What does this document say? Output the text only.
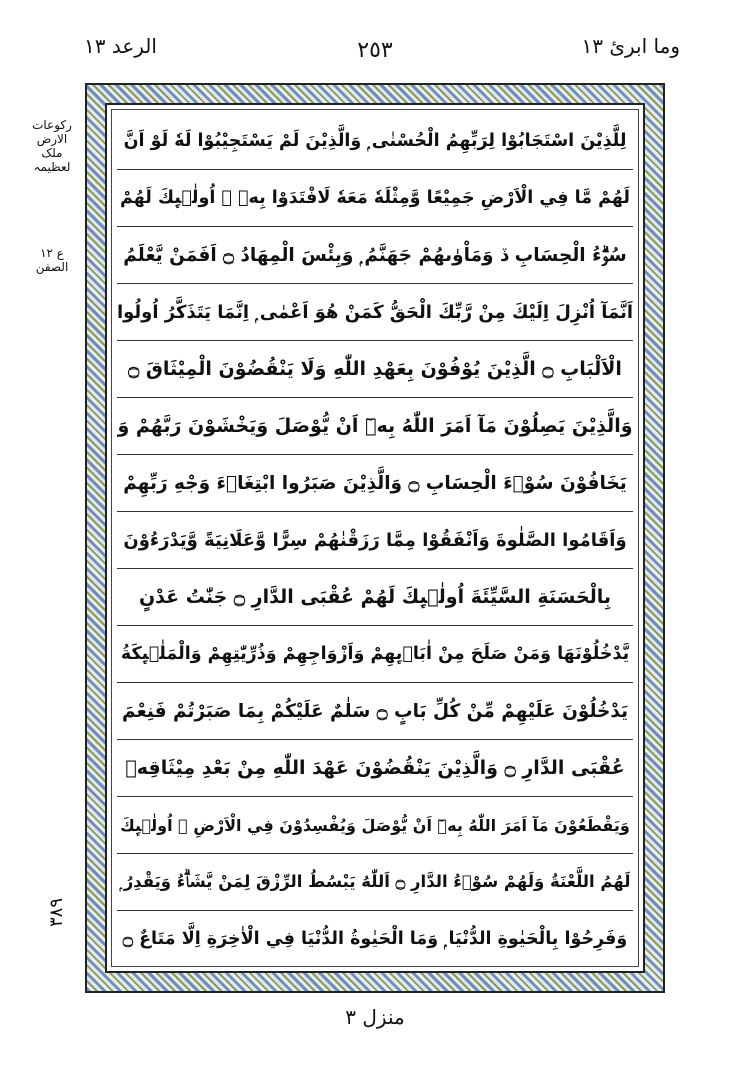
الرعد ١٣	٢٥٣	وما ابرئ ١٣
ركوعات الارض
ملک لعظیمہ
ع ١٢ الصفن
٣٨٩
لِلَّذِيْنَ اسْتَجَابُوْا لِرَبِّهِمُ الْحُسْنٰى ۭ وَالَّذِيْنَ لَمْ يَسْتَجِيْبُوْا لَهٗ لَوْ اَنَّ
لَهُمْ مَّا فِي الْاَرْضِ جَمِيْعًا وَّمِثْلَهٗ مَعَهٗ لَافْتَدَوْا بِهٖ ۭ اُولٰۗىِٕكَ لَهُمْ
سُوْۗءُ الْحِسَابِ ڏ وَمَاْوٰىهُمْ جَهَنَّمُ ۭ وَبِئْسَ الْمِهَادُ ۝ اَفَمَنْ يَّعْلَمُ
اَنَّمَآ اُنْزِلَ اِلَيْكَ مِنْ رَّبِّكَ الْحَقُّ كَمَنْ هُوَ اَعْمٰى ۭ اِنَّمَا يَتَذَكَّرُ اُولُوا
الْاَلْبَابِ ۝ الَّذِيْنَ يُوْفُوْنَ بِعَهْدِ اللّٰهِ وَلَا يَنْقُضُوْنَ الْمِيْثَاقَ ۝
وَالَّذِيْنَ يَصِلُوْنَ مَآ اَمَرَ اللّٰهُ بِهٖٓ اَنْ يُّوْصَلَ وَيَخْشَوْنَ رَبَّهُمْ وَ
يَخَافُوْنَ سُوْۗءَ الْحِسَابِ ۝ وَالَّذِيْنَ صَبَرُوا ابْتِغَاۗءَ وَجْهِ رَبِّهِمْ
وَاَقَامُوا الصَّلٰوةَ وَاَنْفَقُوْا مِمَّا رَزَقْنٰهُمْ سِرًّا وَّعَلَانِيَةً وَّيَدْرَءُوْنَ
بِالْحَسَنَةِ السَّيِّئَةَ اُولٰۗىِٕكَ لَهُمْ عُقْبَى الدَّارِ ۝ جَنّٰتُ عَدْنٍ
يَّدْخُلُوْنَهَا وَمَنْ صَلَحَ مِنْ اٰبَاۗىِٕهِمْ وَاَزْوَاجِهِمْ وَذُرِّيّٰتِهِمْ وَالْمَلٰۗىِٕكَةُ
يَدْخُلُوْنَ عَلَيْهِمْ مِّنْ كُلِّ بَابٍ ۝ سَلٰمٌ عَلَيْكُمْ بِمَا صَبَرْتُمْ فَنِعْمَ
عُقْبَى الدَّارِ ۝ وَالَّذِيْنَ يَنْقُضُوْنَ عَهْدَ اللّٰهِ مِنْ بَعْدِ مِيْثَاقِهٖ
وَيَقْطَعُوْنَ مَآ اَمَرَ اللّٰهُ بِهٖٓ اَنْ يُّوْصَلَ وَيُفْسِدُوْنَ فِي الْاَرْضِ ۙ اُولٰۗىِٕكَ
لَهُمُ اللَّعْنَةُ وَلَهُمْ سُوْۗءُ الدَّارِ ۝ اَللّٰهُ يَبْسُطُ الرِّزْقَ لِمَنْ يَّشَاۗءُ وَيَقْدِرُ ۭ
وَفَرِحُوْا بِالْحَيٰوةِ الدُّنْيَا ۭ وَمَا الْحَيٰوةُ الدُّنْيَا فِي الْاٰخِرَةِ اِلَّا مَتَاعٌ ۝
منزل ٣
